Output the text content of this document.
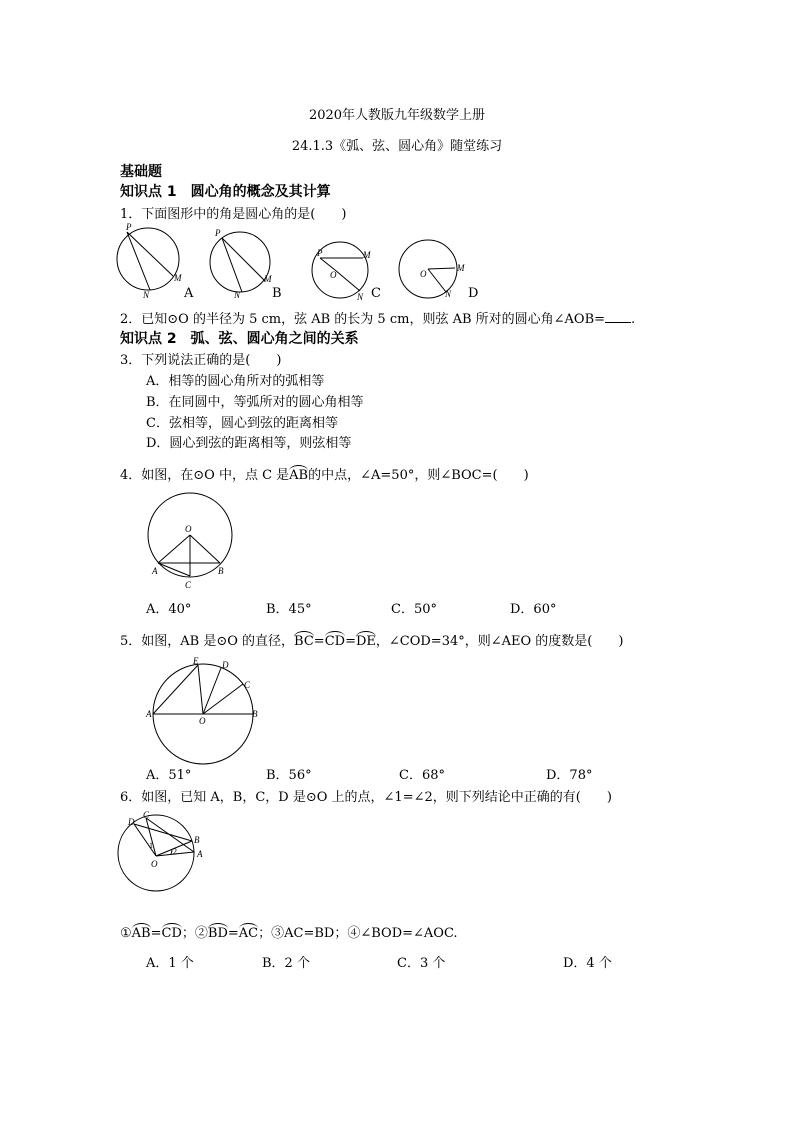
2020年人教版九年级数学上册
24.1.3《弧、弦、圆心角》随堂练习
基础题
知识点 1　圆心角的概念及其计算
1．下面图形中的角是圆心角的是(　　)
P
M
N	A
P
M
N B
P	M
O
N C
O
M
N D
2．已知⊙O 的半径为 5 cm，弦 AB 的长为 5 cm，则弦 AB 所对的圆心角∠AOB= .
知识点 2　弧、弦、圆心角之间的关系
3．下列说法正确的是(　　)
A．相等的圆心角所对的弧相等
B．在同圆中，等弧所对的圆心角相等
C．弦相等，圆心到弦的距离相等
D．圆心到弦的距离相等，则弦相等
4．如图，在⊙O 中，点 C 是AB的中点，∠A=50°，则∠BOC=(　　)
O
A	B
C
A．40°	B．45°	C．50°	D．60°
5．如图，AB 是⊙O 的直径，BC=CD=DE，∠COD=34°，则∠AEO 的度数是(　　)
E	D
C
A	B
O
A．51°	B．56°	C．68°	D．78°
6．如图，已知 A，B，C，D 是⊙O 上的点，∠1=∠2，则下列结论中正确的有(　　)
D
C
B
A
O
1
2
①AB=CD；②BD=AC；③AC=BD；④∠BOD=∠AOC.
A．1 个	B．2 个	C．3 个	D．4 个
